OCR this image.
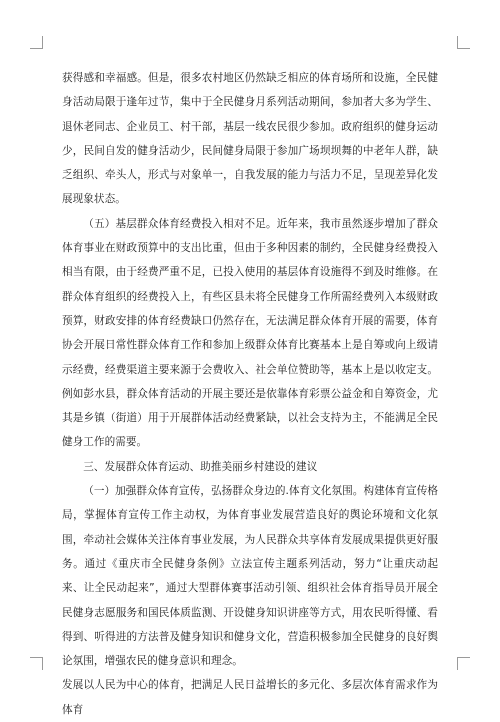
获得感和幸福感。但是，很多农村地区仍然缺乏相应的体育场所和设施，全民健身活动局限于逢年过节，集中于全民健身月系列活动期间，参加者大多为学生、退休老同志、企业员工、村干部，基层一线农民很少参加。政府组织的健身运动少，民间自发的健身活动少，民间健身局限于参加广场坝坝舞的中老年人群，缺乏组织、牵头人，形式与对象单一，自我发展的能力与活力不足，呈现差异化发展现象状态。

（五）基层群众体育经费投入相对不足。近年来，我市虽然逐步增加了群众体育事业在财政预算中的支出比重，但由于多种因素的制约，全民健身经费投入相当有限，由于经费严重不足，已投入使用的基层体育设施得不到及时维修。在群众体育组织的经费投入上，有些区县未将全民健身工作所需经费列入本级财政预算，财政安排的体育经费缺口仍然存在，无法满足群众体育开展的需要，体育协会开展日常性群众体育工作和参加上级群众体育比赛基本上是自筹或向上级请示经费，经费渠道主要来源于会费收入、社会单位赞助等，基本上是以收定支。例如彭水县，群众体育活动的开展主要还是依靠体育彩票公益金和自筹资金，尤其是乡镇（街道）用于开展群体活动经费紧缺，以社会支持为主，不能满足全民健身工作的需要。

三、发展群众体育运动、助推美丽乡村建设的建议

（一）加强群众体育宣传，弘扬群众身边的.体育文化氛围。构建体育宣传格局，掌握体育宣传工作主动权，为体育事业发展营造良好的舆论环境和文化氛围，牵动社会媒体关注体育事业发展，为人民群众共享体育发展成果提供更好服务。通过《重庆市全民健身条例》立法宣传主题系列活动，努力“让重庆动起来、让全民动起来”，通过大型群体赛事活动引领、组织社会体育指导员开展全民健身志愿服务和国民体质监测、开设健身知识讲座等方式，用农民听得懂、看得到、听得进的方法普及健身知识和健身文化，营造积极参加全民健身的良好舆论氛围，增强农民的健身意识和理念。

发展以人民为中心的体育，把满足人民日益增长的多元化、多层次体育需求作为体育
